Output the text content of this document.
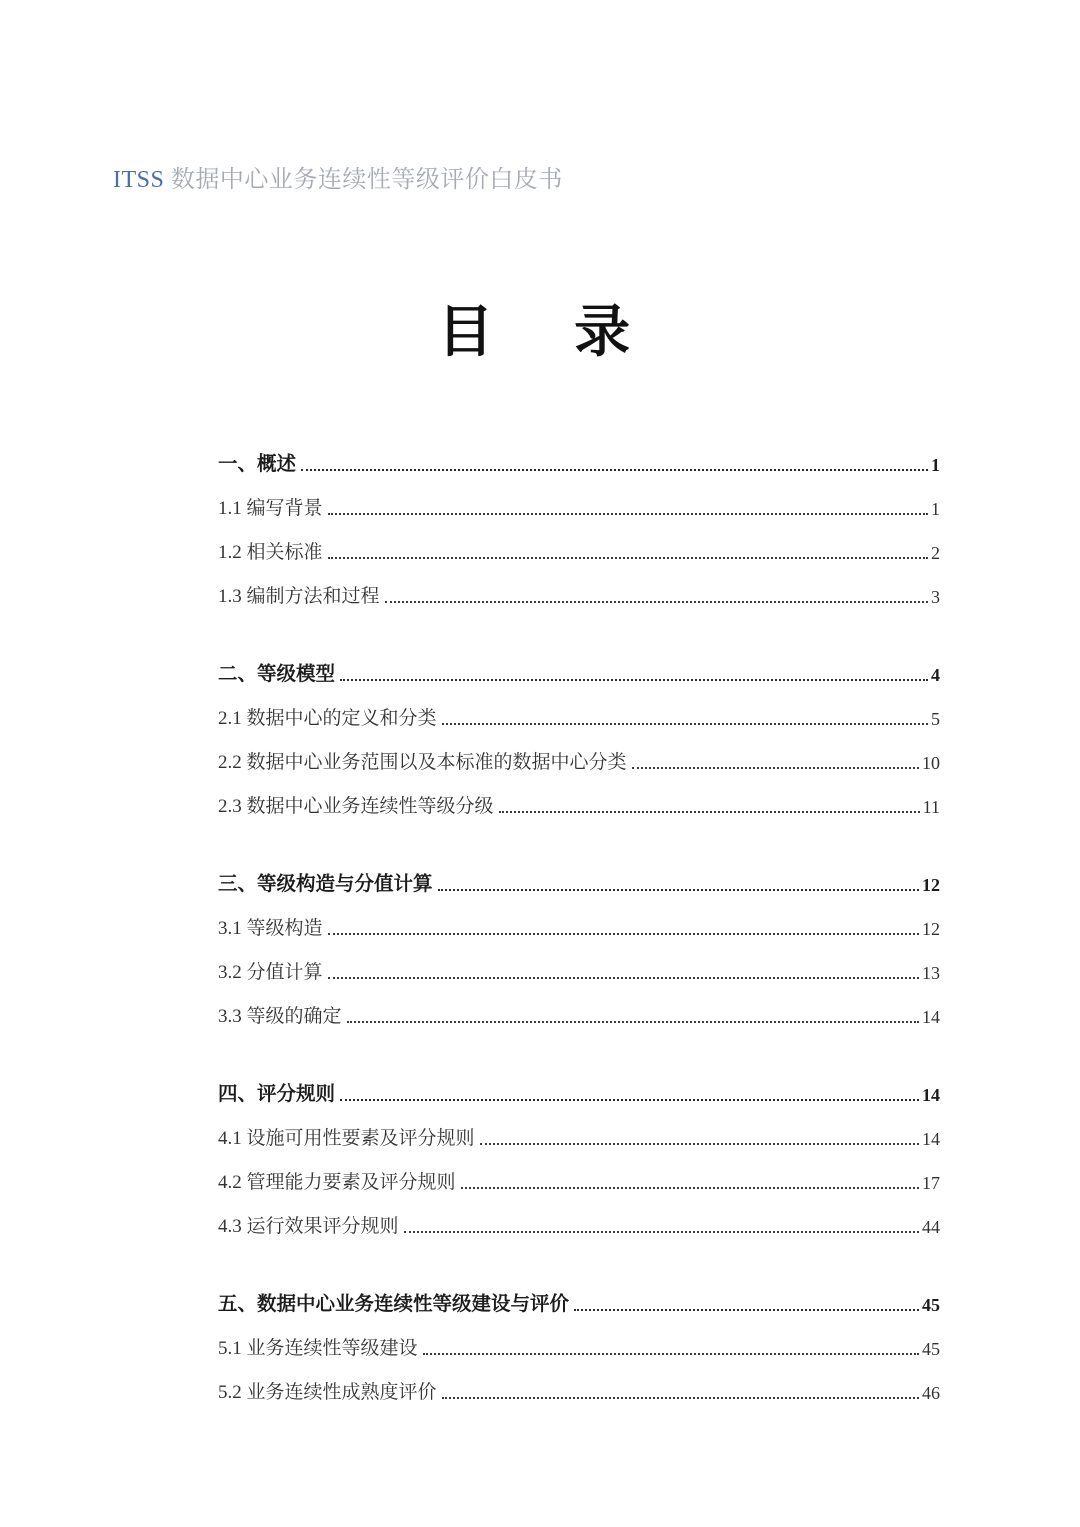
ITSS 数据中心业务连续性等级评价白皮书

目　录
一、概述	1
1.1 编写背景	1
1.2 相关标准	2
1.3 编制方法和过程	3
二、等级模型	4
2.1 数据中心的定义和分类	5
2.2 数据中心业务范围以及本标准的数据中心分类	10
2.3 数据中心业务连续性等级分级	11
三、等级构造与分值计算	12
3.1 等级构造	12
3.2 分值计算	13
3.3 等级的确定	14
四、评分规则	14
4.1 设施可用性要素及评分规则	14
4.2 管理能力要素及评分规则	17
4.3 运行效果评分规则	44
五、数据中心业务连续性等级建设与评价	45
5.1 业务连续性等级建设	45
5.2 业务连续性成熟度评价	46
